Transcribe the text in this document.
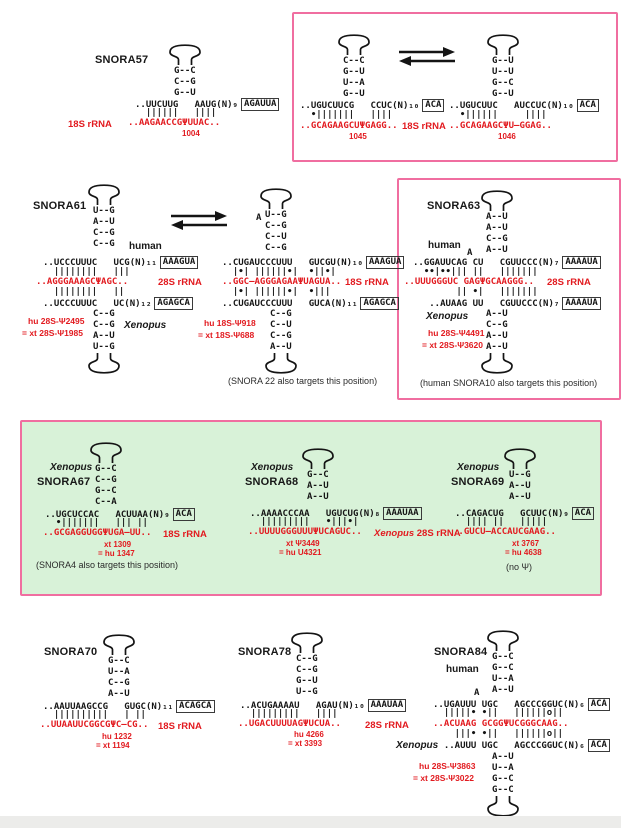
SNORA57
G--C
C--G
G--U
..UUCUUG   AAUG(N)₉ AGAUUA
||||||   ||||
..AAGAACCGΨUUAC..
18S rRNA
1004
C--C
G--U
U--A
G--U
..UGUCUUCG   CCUC(N)₁₀ ACA
•|||||||   ||||
..GCAGAAGCUΨGAGG..
1045
18S rRNA
G--U
U--U
G--C
G--U
..UGUCUUC   AUCCUC(N)₁₀ ACA
•||||||     ||||
..GCAGAAGCΨU–GGAG..
1046
SNORA61 U--G
A--U
C--G
C--G human
..UCCCUUUC   UCG(N)₁₁ AAAGUA
||||||||   |||
..AGGGAAAGCΨAGC..	28S rRNA
||||||||   ||
..UCCCUUUC   UC(N)₁₂ AGAGCA
C--G
C--G
A--U
U--G
Xenopus
hu 28S-Ψ2495
= xt 28S-Ψ1985
A U--G
C--G
C--U
C--G
..CUGAUCCCUUU   GUCGU(N)₁₀ AAAGUA
|•| ||||||•|  •||•|
..GGC–AGGGAGAAΨUAGUA.. 18S rRNA
|•| ||||||•|  •|||
..CUGAUCCCUUU   GUCA(N)₁₁ AGAGCA
C--G
C--U
C--G
A--U
hu 18S-Ψ918
= xt 18S-Ψ688
(SNORA 22 also targets this position)
SNORA63
A--U
A--U
C--G
A--U
human
A
..GGAUUCAG CU   CGUUCCC(N)₇ AAAAUA
••|••||| ||   |||||||
..UUUGGGUC GAGΨGCAAGGG.. 28S rRNA
|| •|   |||||||
..AUAAG UU   CGUUCCC(N)₇ AAAAUA
Xenopus A--U
C--G
A--U
A--U
hu 28S-Ψ4491
= xt 28S-Ψ3620
(human SNORA10 also targets this position)
Xenopus
SNORA67
G--C
C--G
G--C
C--A
..UGCUCCAC   ACUUAA(N)₉ ACA
•|||||||   ||| ||
..GCGAGGUGGΨUGA–UU.. 18S rRNA
xt 1309
= hu 1347
(SNORA4 also targets this position)
Xenopus
SNORA68
G--C
A--U
A--U
..AAAACCCAA   UGUCUG(N)₈ AAAUAA
|||||||||   •|||•|
..UUUUGGGUUUΨUCAGUC.. Xenopus 28S rRNA
xt Ψ3449
= hu U4321
Xenopus
SNORA69
U--G
A--U
A--U
..CAGACUG   GCUUC(N)₉ ACA
|||| ||   |||||
..GUCU–ACCAUCGAAG..
xt 3767
= hu 4638
(no Ψ)
SNORA70
G--C
U--A
C--G
A--U
..AAUUAAGCCG   GUGC(N)₁₁ ACAGCA
||||||||||   | ||
..UUAAUUCGGCGΨC–CG.. 18S rRNA
hu 1232
= xt 1194
SNORA78
C--G
C--G
G--U
U--G
..ACUGAAAAU   AGAU(N)₁₀ AAAUAA
|||||||||   ||||
..UGACUUUUAGΨUCUA..	28S rRNA
hu 4266
= xt 3393
SNORA84
human
G--C
G--C
U--A
A--U
A
..UGAUUU UGC   AGCCCGGUC(N)₆ ACA
|||||• •||   ||||||o||
..ACUAAG GCGGΨUCGGGCAAG..
|||• •||   ||||||o||
Xenopus
..AUUU UGC   AGCCCGGUC(N)₆ ACA
A--U
U--A
G--C
G--C
hu 28S-Ψ3863
= xt 28S-Ψ3022
